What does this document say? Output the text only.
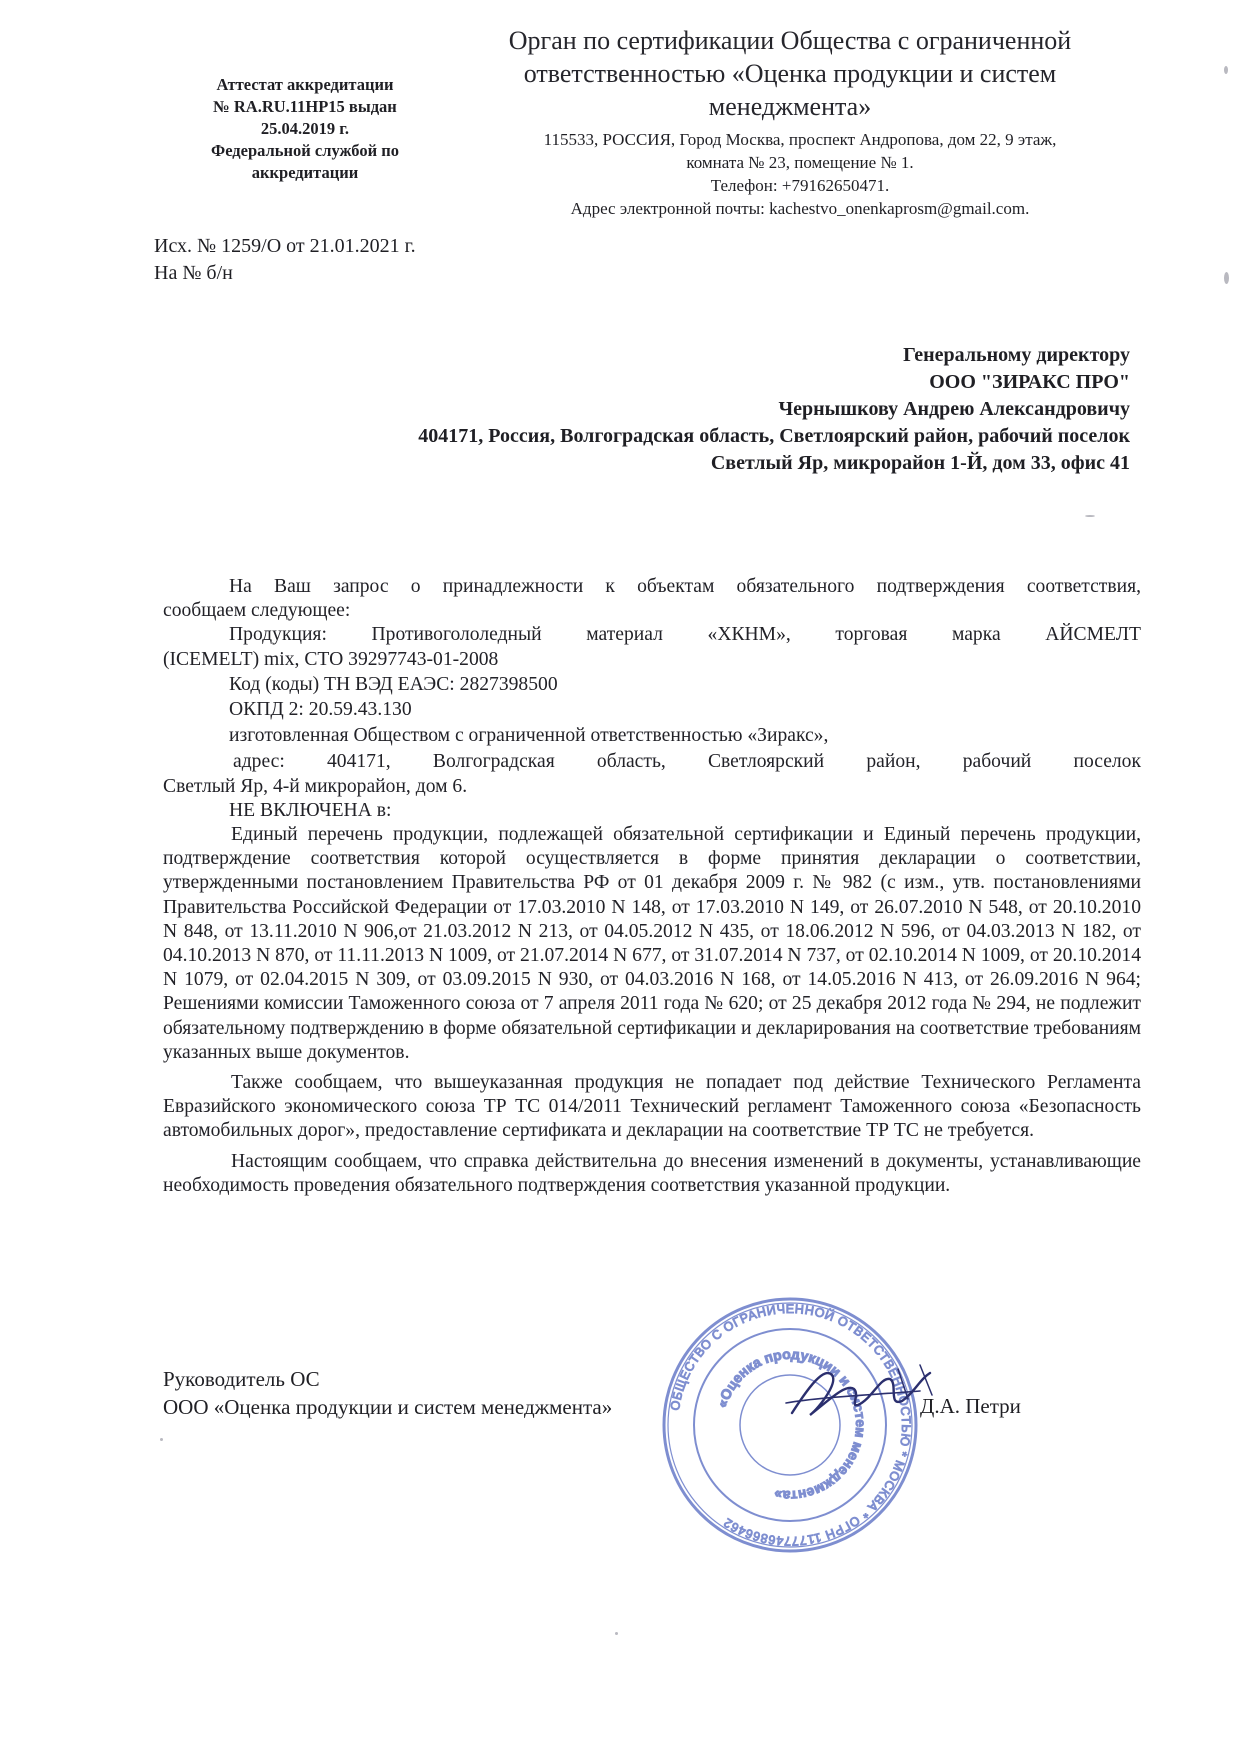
Аттестат аккредитации
№ RA.RU.11НР15 выдан
25.04.2019 г.
Федеральной службой по
аккредитации
Орган по сертификации Общества с ограниченной
ответственностью «Оценка продукции и систем
менеджмента»
115533, РОССИЯ, Город Москва, проспект Андропова, дом 22, 9 этаж,
комната № 23, помещение № 1.
Телефон: +79162650471.
Адрес электронной почты: kachestvo_onenkaprosm@gmail.com.
Исх. № 1259/О от 21.01.2021 г.
На № б/н
Генеральному директору
ООО "ЗИРАКС ПРО"
Чернышкову Андрею Александровичу
404171, Россия, Волгоградская область, Светлоярский район, рабочий поселок
Светлый Яр, микрорайон 1-Й, дом 33, офис 41

На Ваш запрос о принадлежности к объектам обязательного подтверждения соответствия,

сообщаем следующее:

Продукция: Противогололедный материал «ХКНМ», торговая марка АЙСМЕЛТ

(ICEMELT) mix, СТО 39297743-01-2008

Код (коды) ТН ВЭД ЕАЭС: 2827398500

ОКПД 2: 20.59.43.130

изготовленная Обществом с ограниченной ответственностью «Зиракс»,

адрес: 404171, Волгоградская область, Светлоярский район, рабочий поселок

Светлый Яр, 4-й микрорайон, дом 6.

НЕ ВКЛЮЧЕНА в:

Единый перечень продукции, подлежащей обязательной сертификации и Единый перечень продукции, подтверждение соответствия которой осуществляется в форме принятия декларации о соответствии, утвержденными постановлением Правительства РФ от 01 декабря 2009 г. № 982 (с изм., утв. постановлениями Правительства Российской Федерации от 17.03.2010 N 148, от 17.03.2010 N 149, от 26.07.2010 N 548, от 20.10.2010 N 848, от 13.11.2010 N 906,от 21.03.2012 N 213, от 04.05.2012 N 435, от 18.06.2012 N 596, от 04.03.2013 N 182, от 04.10.2013 N 870, от 11.11.2013 N 1009, от 21.07.2014 N 677, от 31.07.2014 N 737, от 02.10.2014 N 1009, от 20.10.2014 N 1079, от 02.04.2015 N 309, от 03.09.2015 N 930, от 04.03.2016 N 168, от 14.05.2016 N 413, от 26.09.2016 N 964; Решениями комиссии Таможенного союза от 7 апреля 2011 года № 620; от 25 декабря 2012 года № 294, не подлежит обязательному подтверждению в форме обязательной сертификации и декларирования на соответствие требованиям указанных выше документов.

Также сообщаем, что вышеуказанная продукция не попадает под действие Технического Регламента Евразийского экономического союза ТР ТС 014/2011 Технический регламент Таможенного союза «Безопасность автомобильных дорог», предоставление сертификата и декларации на соответствие ТР ТС не требуется.

Настоящим сообщаем, что справка действительна до внесения изменений в документы, устанавливающие необходимость проведения обязательного подтверждения соответствия указанной продукции.

Руководитель ОС
ООО «Оценка продукции и систем менеджмента»	Д.А. Петри
ОБЩЕСТВО С ОГРАНИЧЕННОЙ ОТВЕТСТВЕННОСТЬЮ * МОСКВА * ОГРН 1177746866462
«Оценка продукции и систем менеджмента»
